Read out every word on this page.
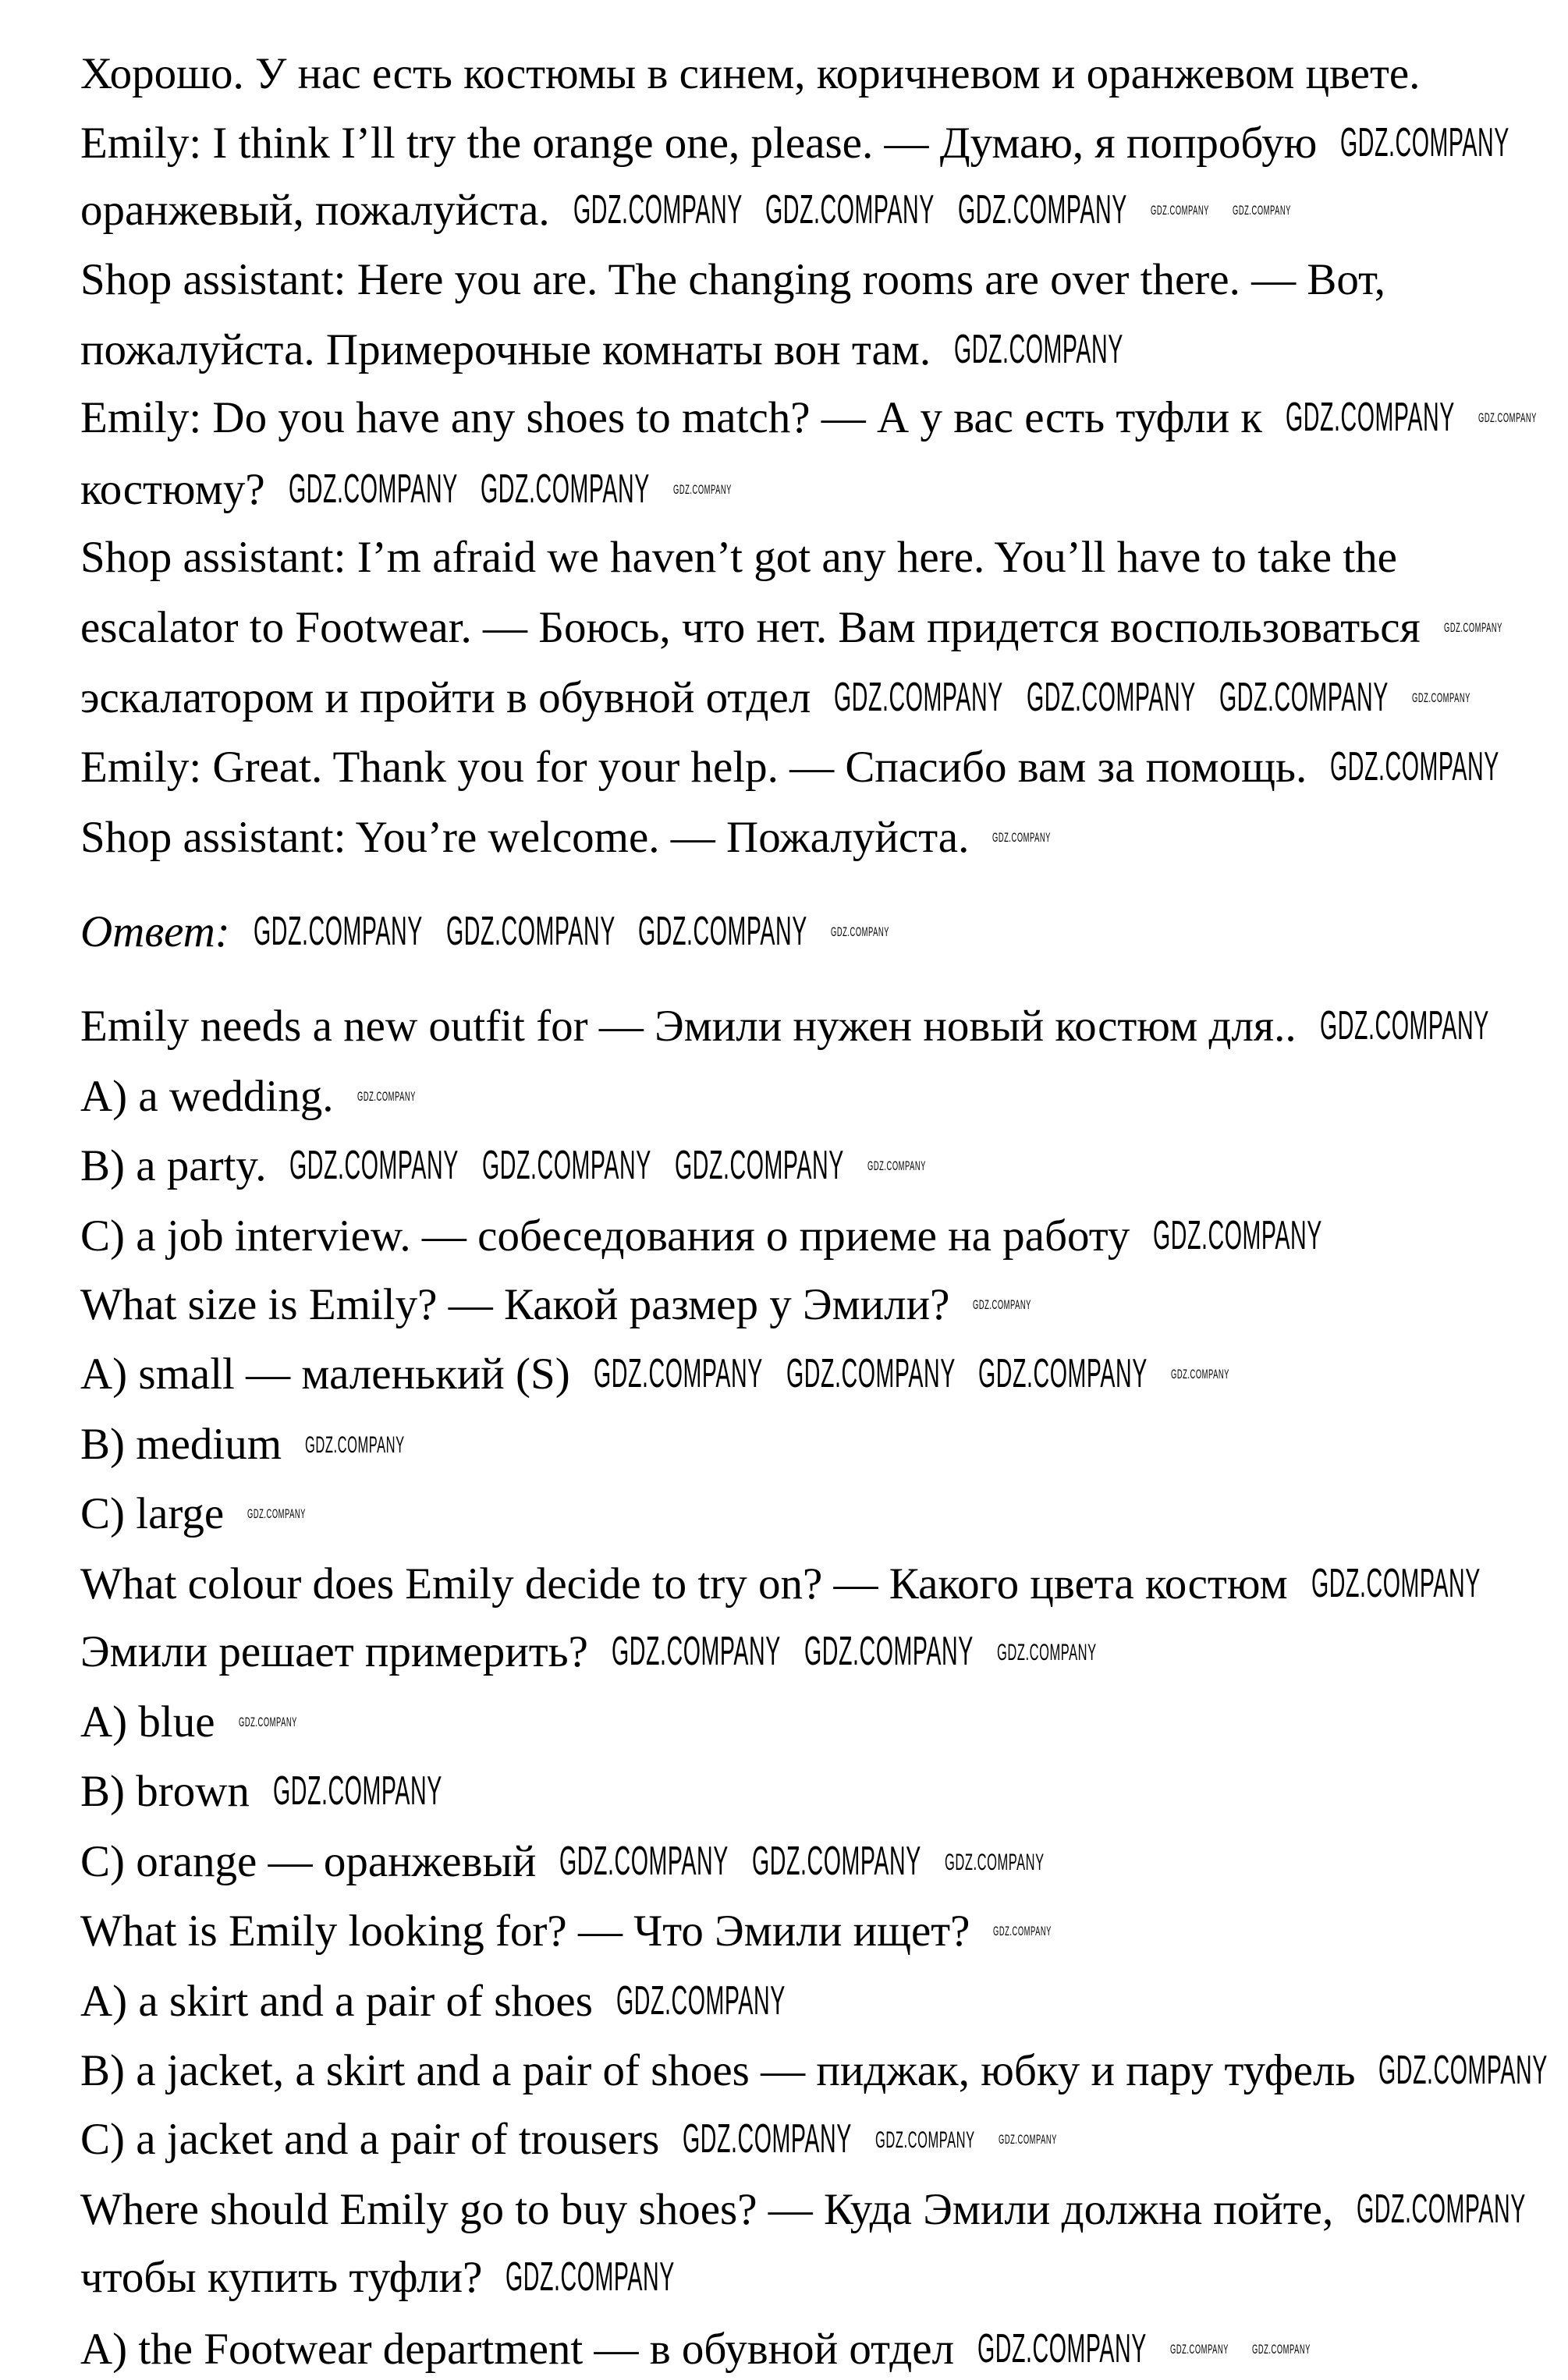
Хорошо. У нас есть костюмы в синем, коричневом и оранжевом цвете.
Emily: I think I’ll try the orange one, please. — Думаю, я попробую
оранжевый, пожалуйста.
Shop assistant: Here you are. The changing rooms are over there. — Вот,
пожалуйста. Примерочные комнаты вон там.
Emily: Do you have any shoes to match? — А у вас есть туфли к
костюму?
Shop assistant: I’m afraid we haven’t got any here. You’ll have to take the
escalator to Footwear. — Боюсь, что нет. Вам придется воспользоваться
эскалатором и пройти в обувной отдел
Emily: Great. Thank you for your help. — Спасибо вам за помощь.
Shop assistant: You’re welcome. — Пожалуйста.
Ответ:
Emily needs a new outfit for — Эмили нужен новый костюм для..
A) a wedding.
B) a party.
C) a job interview. — собеседования о приеме на работу
What size is Emily? — Какой размер у Эмили?
A) small — маленький (S)
B) medium
C) large
What colour does Emily decide to try on? — Какого цвета костюм
Эмили решает примерить?
A) blue
B) brown
C) orange — оранжевый
What is Emily looking for? — Что Эмили ищет?
A) a skirt and a pair of shoes
B) a jacket, a skirt and a pair of shoes — пиджак, юбку и пару туфель
C) a jacket and a pair of trousers
Where should Emily go to buy shoes? — Куда Эмили должна пойте,
чтобы купить туфли?
A) the Footwear department — в обувной отдел
GDZ.COMPANY
GDZ.COMPANY
GDZ.COMPANY
GDZ.COMPANY
GDZ.COMPANY
GDZ.COMPANY
GDZ.COMPANY
GDZ.COMPANY
GDZ.COMPANY
GDZ.COMPANY
GDZ.COMPANY
GDZ.COMPANY
GDZ.COMPANY
GDZ.COMPANY
GDZ.COMPANY
GDZ.COMPANY
GDZ.COMPANY
GDZ.COMPANY
GDZ.COMPANY
GDZ.COMPANY
GDZ.COMPANY
GDZ.COMPANY
GDZ.COMPANY
GDZ.COMPANY
GDZ.COMPANY
GDZ.COMPANY
GDZ.COMPANY
GDZ.COMPANY
GDZ.COMPANY
GDZ.COMPANY
GDZ.COMPANY
GDZ.COMPANY
GDZ.COMPANY
GDZ.COMPANY
GDZ.COMPANY
GDZ.COMPANY
GDZ.COMPANY
GDZ.COMPANY
GDZ.COMPANY
GDZ.COMPANY
GDZ.COMPANY
GDZ.COMPANY
GDZ.COMPANY
GDZ.COMPANY
GDZ.COMPANY
GDZ.COMPANY
GDZ.COMPANY
GDZ.COMPANY
GDZ.COMPANY
GDZ.COMPANY
GDZ.COMPANY
GDZ.COMPANY
GDZ.COMPANY
GDZ.COMPANY
GDZ.COMPANY
GDZ.COMPANY
GDZ.COMPANY
